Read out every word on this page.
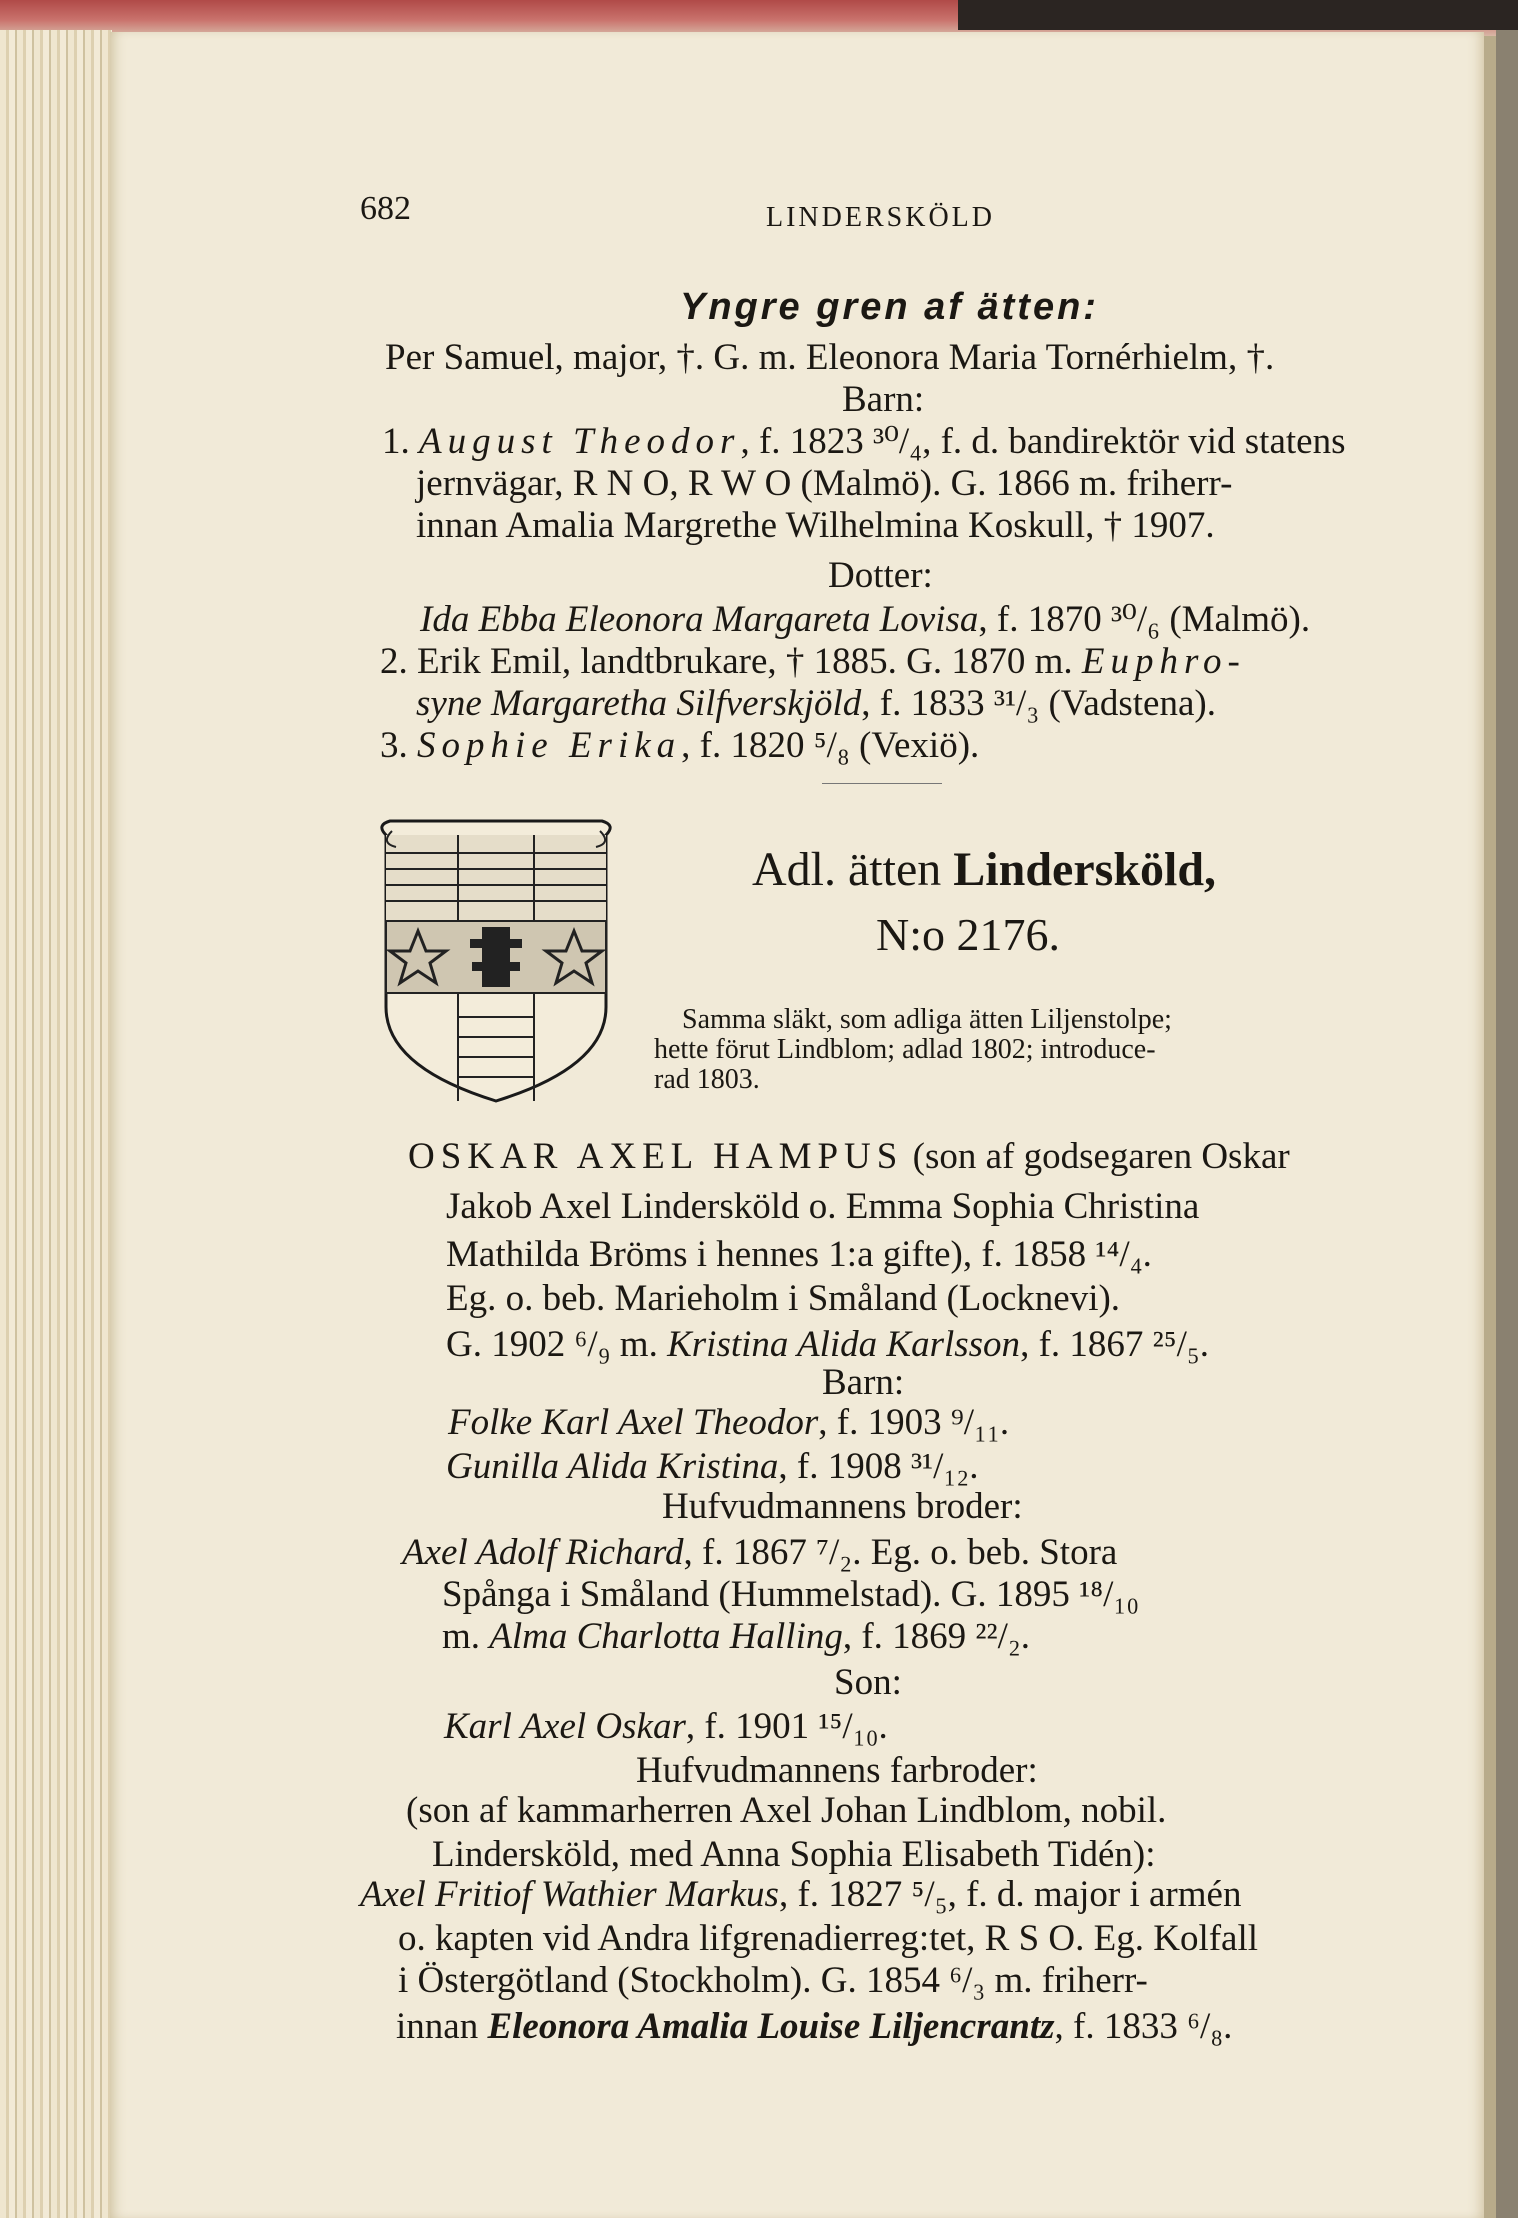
682	LINDERSKÖLD
Yngre gren af ätten:
Per Samuel, major, †. G. m. Eleonora Maria Tornérhielm, †.
Barn:
1. August Theodor, f. 1823 ³⁰/₄, f. d. bandirektör vid statens
jernvägar, R N O, R W O (Malmö). G. 1866 m. friherr-
innan Amalia Margrethe Wilhelmina Koskull, † 1907.
Dotter:
Ida Ebba Eleonora Margareta Lovisa, f. 1870 ³⁰/₆ (Malmö).
2. Erik Emil, landtbrukare, † 1885. G. 1870 m. Euphro-
syne Margaretha Silfverskjöld, f. 1833 ³¹/₃ (Vadstena).
3. Sophie Erika, f. 1820 ⁵/₈ (Vexiö).
Adl. ätten Lindersköld,
N:o 2176.
Samma släkt, som adliga ätten Liljenstolpe;
hette förut Lindblom; adlad 1802; introduce-
rad 1803.
OSKAR AXEL HAMPUS (son af godsegaren Oskar
Jakob Axel Lindersköld o. Emma Sophia Christina
Mathilda Bröms i hennes 1:a gifte), f. 1858 ¹⁴/₄.
Eg. o. beb. Marieholm i Småland (Locknevi).
G. 1902 ⁶/₉ m. Kristina Alida Karlsson, f. 1867 ²⁵/₅.
Barn:
Folke Karl Axel Theodor, f. 1903 ⁹/₁₁.
Gunilla Alida Kristina, f. 1908 ³¹/₁₂.
Hufvudmannens broder:
Axel Adolf Richard, f. 1867 ⁷/₂. Eg. o. beb. Stora
Spånga i Småland (Hummelstad). G. 1895 ¹⁸/₁₀
m. Alma Charlotta Halling, f. 1869 ²²/₂.
Son:
Karl Axel Oskar, f. 1901 ¹⁵/₁₀.
Hufvudmannens farbroder:
(son af kammarherren Axel Johan Lindblom, nobil.
Lindersköld, med Anna Sophia Elisabeth Tidén):
Axel Fritiof Wathier Markus, f. 1827 ⁵/₅, f. d. major i armén
o. kapten vid Andra lifgrenadierreg:tet, R S O. Eg. Kolfall
i Östergötland (Stockholm). G. 1854 ⁶/₃ m. friherr-
innan Eleonora Amalia Louise Liljencrantz, f. 1833 ⁶/₈.
